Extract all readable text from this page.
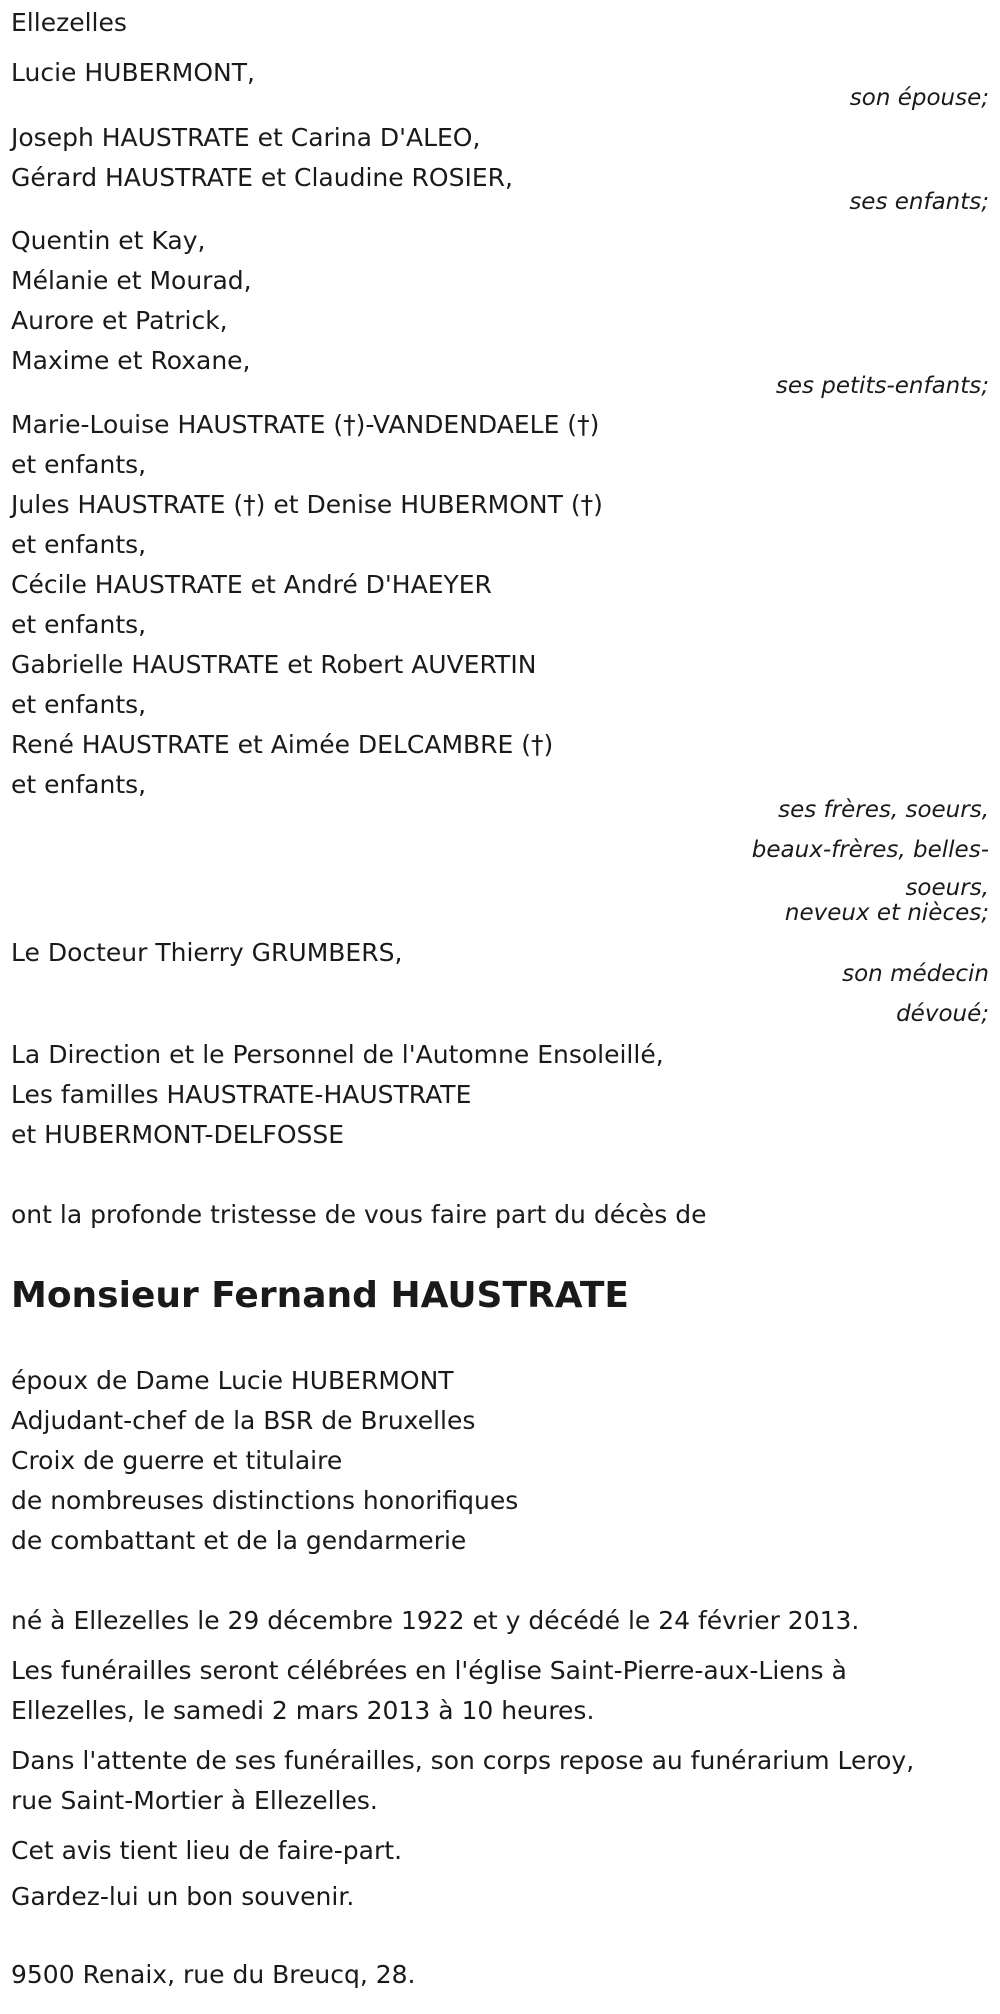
Ellezelles
Lucie HUBERMONT,
son épouse;
Joseph HAUSTRATE et Carina D'ALEO,
Gérard HAUSTRATE et Claudine ROSIER,
ses enfants;
Quentin et Kay,
Mélanie et Mourad,
Aurore et Patrick,
Maxime et Roxane,
ses petits-enfants;
Marie-Louise HAUSTRATE (†)-VANDENDAELE (†)
et enfants,
Jules HAUSTRATE (†) et Denise HUBERMONT (†)
et enfants,
Cécile HAUSTRATE et André D'HAEYER
et enfants,
Gabrielle HAUSTRATE et Robert AUVERTIN
et enfants,
René HAUSTRATE et Aimée DELCAMBRE (†)
et enfants,
ses frères, soeurs,
beaux-frères, belles-
soeurs,
neveux et nièces;
Le Docteur Thierry GRUMBERS,
son médecin
dévoué;
La Direction et le Personnel de l'Automne Ensoleillé,
Les familles HAUSTRATE-HAUSTRATE
et HUBERMONT-DELFOSSE
ont la profonde tristesse de vous faire part du décès de
Monsieur Fernand HAUSTRATE
époux de Dame Lucie HUBERMONT
Adjudant-chef de la BSR de Bruxelles
Croix de guerre et titulaire
de nombreuses distinctions honorifiques
de combattant et de la gendarmerie
né à Ellezelles le 29 décembre 1922 et y décédé le 24 février 2013.
Les funérailles seront célébrées en l'église Saint-Pierre-aux-Liens à
Ellezelles, le samedi 2 mars 2013 à 10 heures.
Dans l'attente de ses funérailles, son corps repose au funérarium Leroy,
rue Saint-Mortier à Ellezelles.
Cet avis tient lieu de faire-part.
Gardez-lui un bon souvenir.
9500 Renaix, rue du Breucq, 28.
